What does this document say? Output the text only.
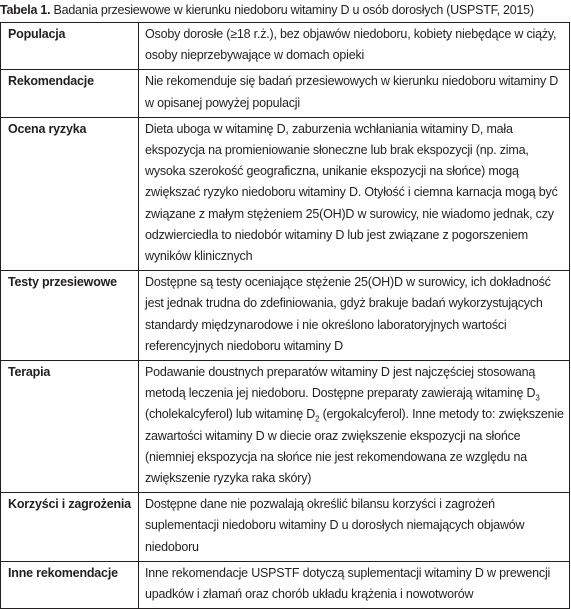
Tabela 1. Badania przesiewowe w kierunku niedoboru witaminy D u osób dorosłych (USPSTF, 2015)
Populacja	Osoby dorosłe (≥18 r.ż.), bez objawów niedoboru, kobiety niebędące w ciąży, osoby nieprzebywające w domach opieki
Rekomendacje	Nie rekomenduje się badań przesiewowych w kierunku niedoboru witaminy D w opisanej powyżej populacji
Ocena ryzyka	Dieta uboga w witaminę D, zaburzenia wchłaniania witaminy D, mała ekspozycja na promieniowanie słoneczne lub brak ekspozycji (np. zima, wysoka szerokość geograficzna, unikanie ekspozycji na słońce) mogą zwiększać ryzyko niedoboru witaminy D. Otyłość i ciemna karnacja mogą być związane z małym stężeniem 25(OH)D w surowicy, nie wiadomo jednak, czy odzwierciedla to niedobór witaminy D lub jest związane z pogorszeniem wyników klinicznych
Testy przesiewowe	Dostępne są testy oceniające stężenie 25(OH)D w surowicy, ich dokładność jest jednak trudna do zdefiniowania, gdyż brakuje badań wykorzystujących standardy międzynarodowe i nie określono laboratoryjnych wartości referencyjnych niedoboru witaminy D
Terapia	Podawanie doustnych preparatów witaminy D jest najczęściej stosowaną metodą leczenia jej niedoboru. Dostępne preparaty zawierają witaminę $D_3$ (cholekalcyferol) lub witaminę $D_2$ (ergokalcyferol). Inne metody to: zwiększenie zawartości witaminy D w diecie oraz zwiększenie ekspozycji na słońce (niemniej ekspozycja na słońce nie jest rekomendowana ze względu na zwiększenie ryzyka raka skóry)
Korzyści i zagrożenia	Dostępne dane nie pozwalają określić bilansu korzyści i zagrożeń suplementacji niedoboru witaminy D u dorosłych niemających objawów niedoboru
Inne rekomendacje	Inne rekomendacje USPSTF dotyczą suplementacji witaminy D w prewencji upadków i złamań oraz chorób układu krążenia i nowotworów
